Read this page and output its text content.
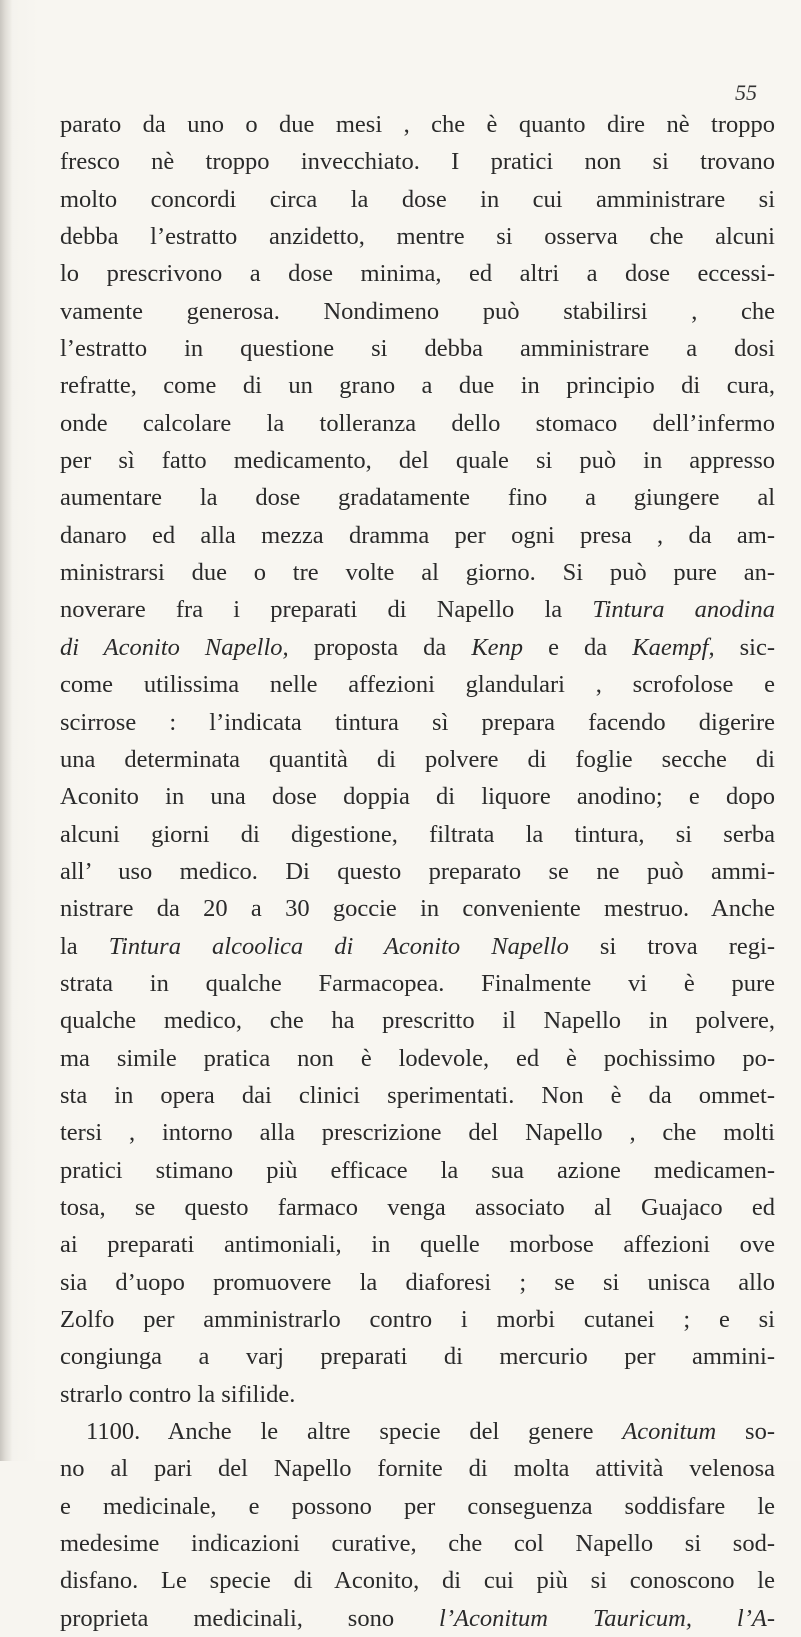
55
parato da uno o due mesi , che è quanto dire nè troppo
fresco nè troppo invecchiato. I pratici non si trovano
molto concordi circa la dose in cui amministrare si
debba l’estratto anzidetto, mentre si osserva che alcuni
lo prescrivono a dose minima, ed altri a dose eccessi-
vamente generosa. Nondimeno può stabilirsi , che
l’estratto in questione si debba amministrare a dosi
refratte, come di un grano a due in principio di cura,
onde calcolare la tolleranza dello stomaco dell’infermo
per sì fatto medicamento, del quale si può in appresso
aumentare la dose gradatamente fino a giungere al
danaro ed alla mezza dramma per ogni presa , da am-
ministrarsi due o tre volte al giorno. Si può pure an-
noverare fra i preparati di Napello la Tintura anodina
di Aconito Napello, proposta da Kenp e da Kaempf, sic-
come utilissima nelle affezioni glandulari , scrofolose e
scirrose : l’indicata tintura sì prepara facendo digerire
una determinata quantità di polvere di foglie secche di
Aconito in una dose doppia di liquore anodino; e dopo
alcuni giorni di digestione, filtrata la tintura, si serba
all’ uso medico. Di questo preparato se ne può ammi-
nistrare da 20 a 30 goccie in conveniente mestruo. Anche
la Tintura alcoolica di Aconito Napello si trova regi-
strata in qualche Farmacopea. Finalmente vi è pure
qualche medico, che ha prescritto il Napello in polvere,
ma simile pratica non è lodevole, ed è pochissimo po-
sta in opera dai clinici sperimentati. Non è da ommet-
tersi , intorno alla prescrizione del Napello , che molti
pratici stimano più efficace la sua azione medicamen-
tosa, se questo farmaco venga associato al Guajaco ed
ai preparati antimoniali, in quelle morbose affezioni ove
sia d’uopo promuovere la diaforesi ; se si unisca allo
Zolfo per amministrarlo contro i morbi cutanei ; e si
congiunga a varj preparati di mercurio per ammini-
strarlo contro la sifilide.
1100. Anche le altre specie del genere Aconitum so-
no al pari del Napello fornite di molta attività velenosa
e medicinale, e possono per conseguenza soddisfare le
medesime indicazioni curative, che col Napello si sod-
disfano. Le specie di Aconito, di cui più si conoscono le
proprieta medicinali, sono l’Aconitum Tauricum, l’A-
